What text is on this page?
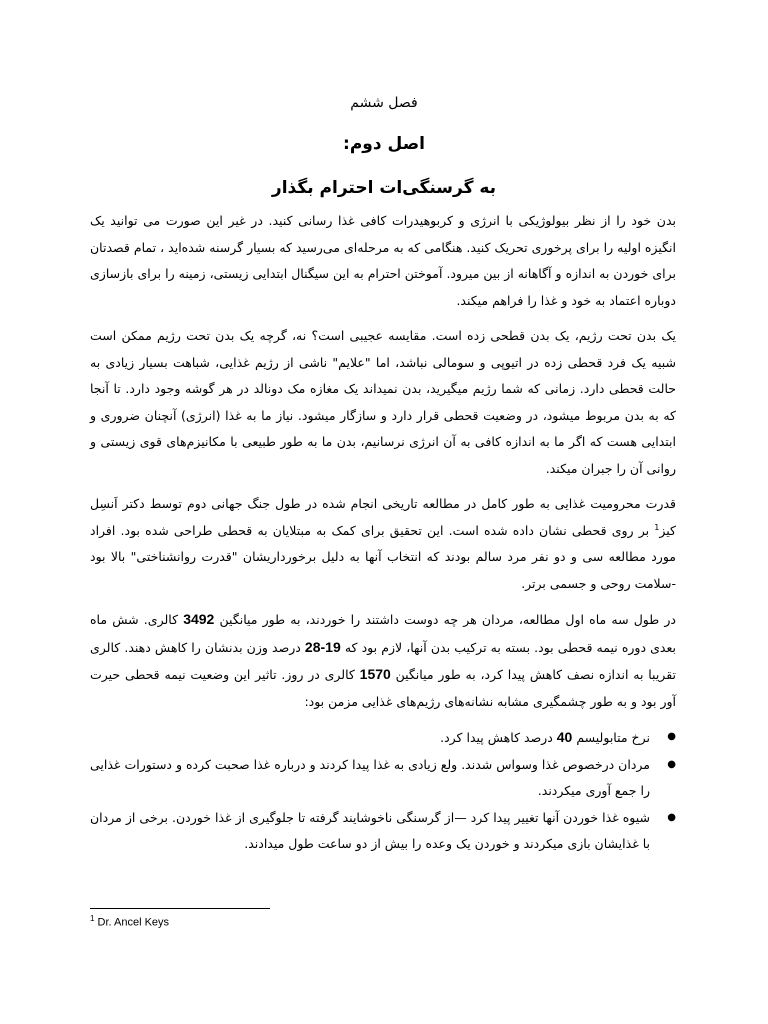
فصل ششم
اصل دوم:
به گرسنگی‌ات احترام بگذار

بدن خود را از نظر بیولوژیکی با انرژی و کربوهیدرات کافی غذا رسانی کنید. در غیر این صورت می توانید یک انگیزه اولیه را برای پرخوری تحریک کنید. هنگامی که به مرحله‌ای می‌رسید که بسیار گرسنه شده‌اید ، تمام قصدتان برای خوردن به اندازه و آگاهانه از بین میرود. آموختن احترام به این سیگنال ابتدایی زیستی، زمینه را برای بازسازی دوباره اعتماد به خود و غذا را فراهم میکند.

یک بدن تحت رژیم، یک بدن قطحی زده است. مقایسه عجیبی است؟ نه، گرچه یک بدن تحت رژیم ممکن است شبیه یک فرد قحطی زده در اتیوپی و سومالی نباشد، اما "علایم" ناشی از رژیم غذایی، شباهت بسیار زیادی به حالت قحطی دارد. زمانی که شما رژیم میگیرید، بدن نمیداند یک مغازه مک دونالد در هر گوشه وجود دارد. تا آنجا که به بدن مربوط میشود، در وضعیت قحطی قرار دارد و سازگار میشود. نیاز ما به غذا (انرژی) آنچنان ضروری و ابتدایی هست که اگر ما به اندازه کافی به آن انرژی نرسانیم، بدن ما به طور طبیعی با مکانیزم‌های قوی زیستی و روانی آن را جبران میکند.

قدرت محرومیت غذایی به طور کامل در مطالعه تاریخی انجام شده در طول جنگ جهانی دوم توسط دکتر اَنسِل کیز$^1$ بر روی قحطی نشان داده شده است. این تحقیق برای کمک به مبتلایان به قحطی طراحی شده بود. افراد مورد مطالعه سی و دو نفر مرد سالم بودند که انتخاب آنها به دلیل برخورداریشان "قدرت روانشناختی" بالا بود -سلامت روحی و جسمی برتر.

در طول سه ماه اول مطالعه، مردان هر چه دوست داشتند را خوردند، به طور میانگین 3492 کالری. شش ماه بعدی دوره نیمه قحطی بود. بسته به ترکیب بدن آنها، لازم بود که 28-19 درصد وزن بدنشان را کاهش دهند. کالری تقریبا به اندازه نصف کاهش پیدا کرد، به طور میانگین 1570 کالری در روز. تاثیر این وضعیت نیمه قحطی حیرت آور بود و به طور چشمگیری مشابه نشانه‌های رژیم‌های غذایی مزمن بود:

● نرخ متابولیسم 40 درصد کاهش پیدا کرد.
● مردان درخصوص غذا وسواس شدند. ولع زیادی به غذا پیدا کردند و درباره غذا صحبت کرده و دستورات غذایی را جمع آوری میکردند.
● شیوه غذا خوردن آنها تغییر پیدا کرد —از گرسنگی ناخوشایند گرفته تا جلوگیری از غذا خوردن. برخی از مردان با غذایشان بازی میکردند و خوردن یک وعده را بیش از دو ساعت طول میدادند.
$^1$ Dr. Ancel Keys
